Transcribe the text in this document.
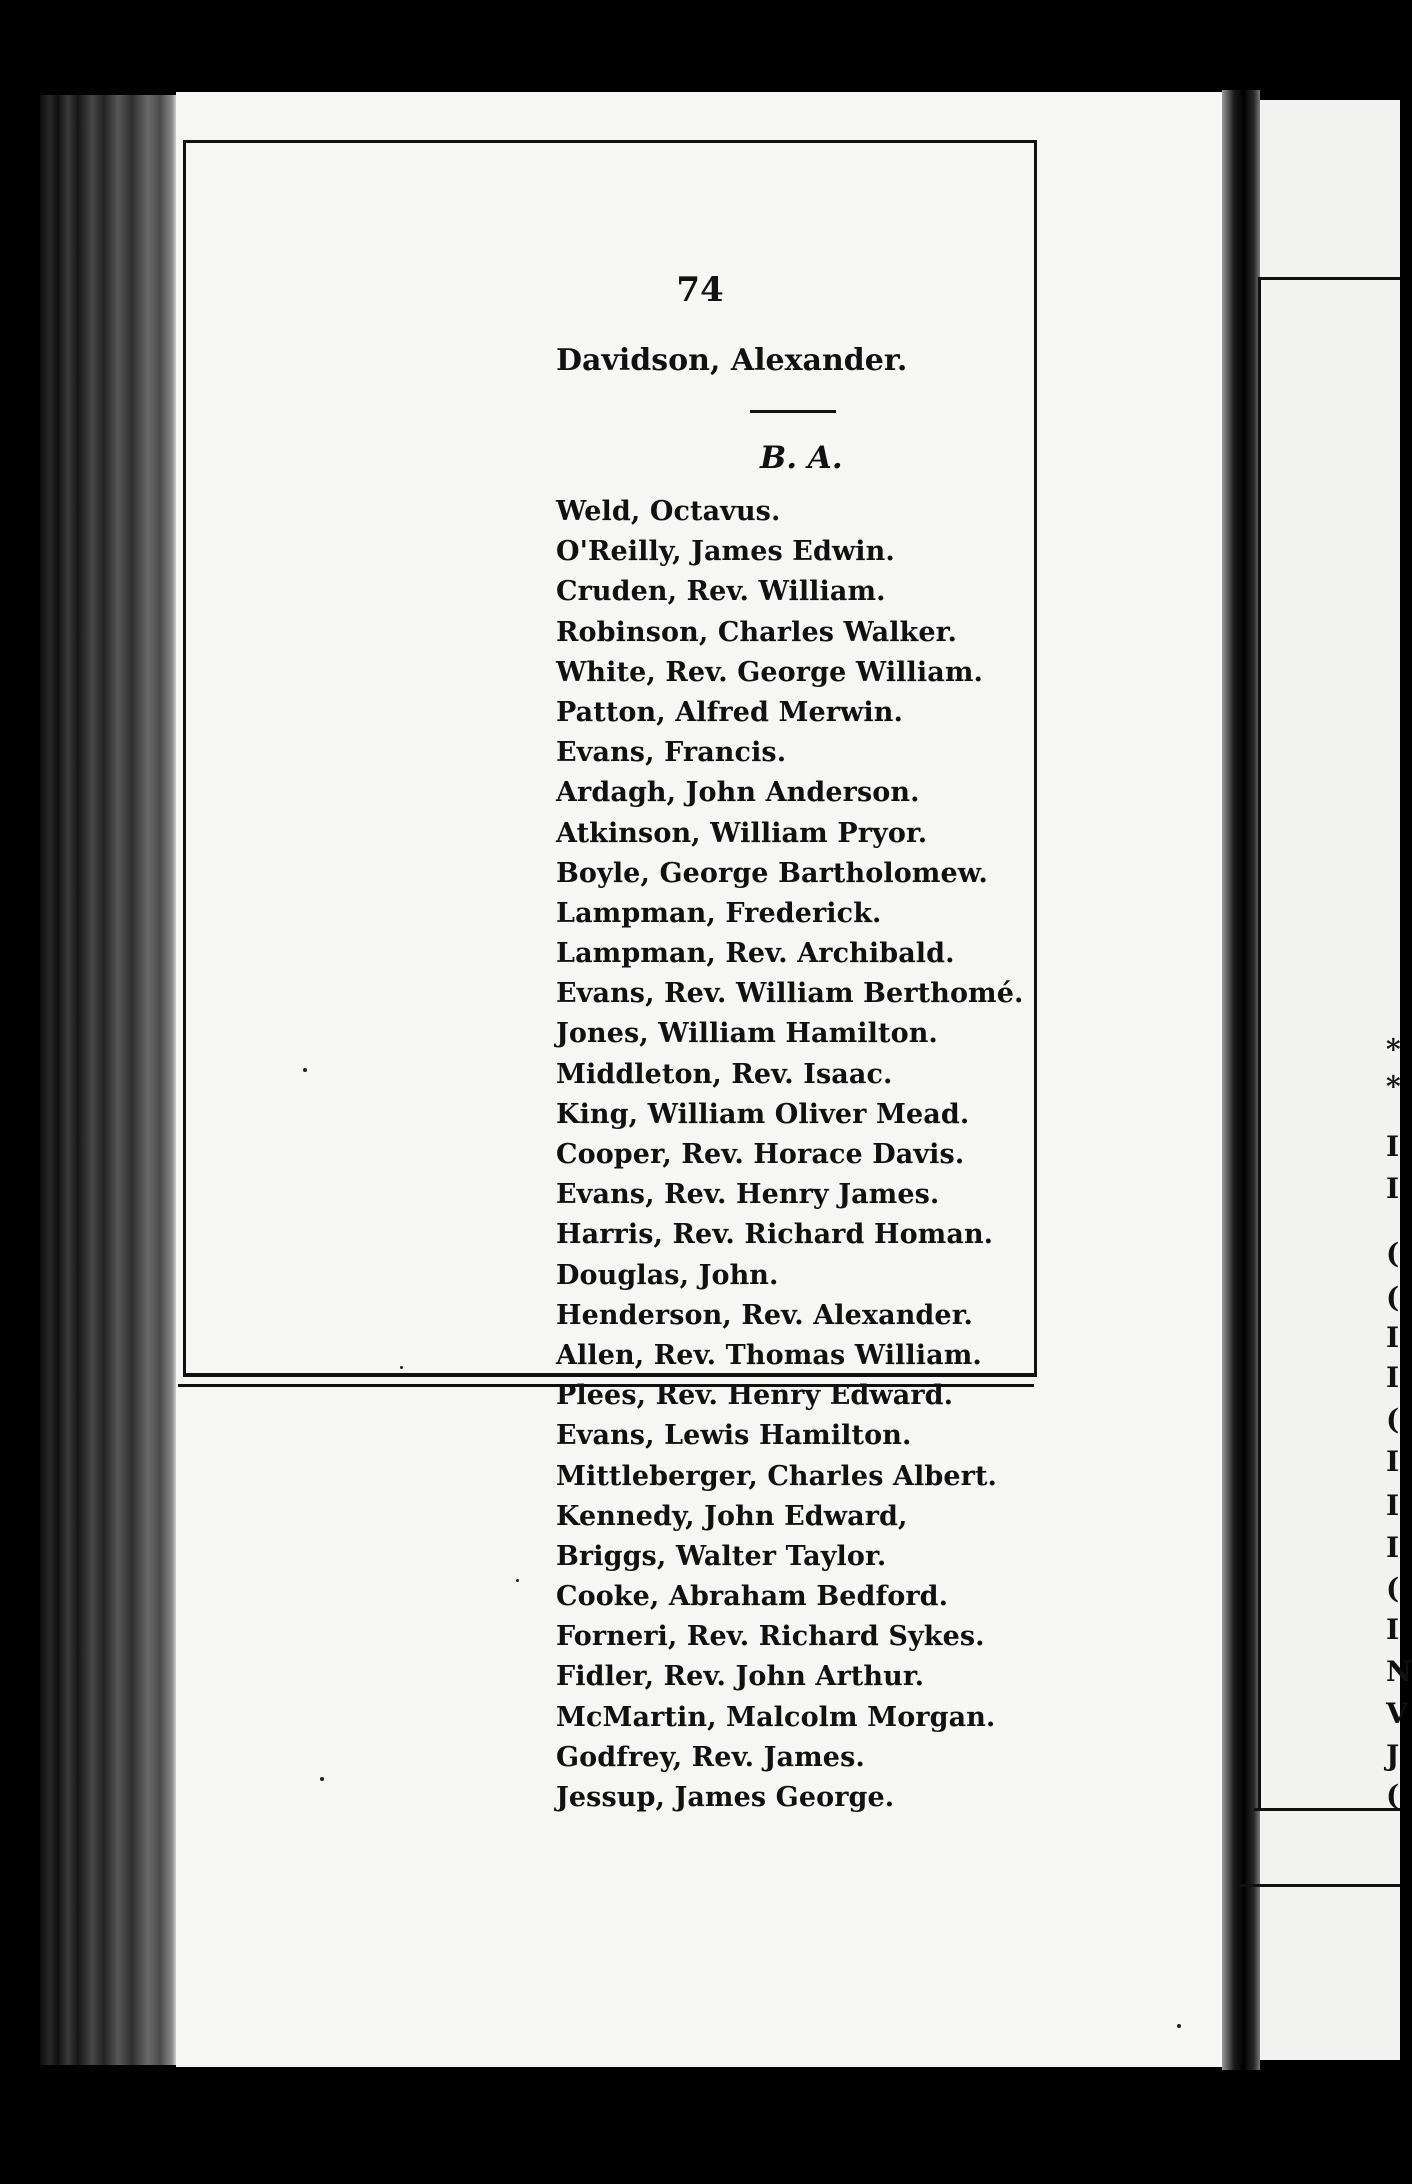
*
*
I
I
(
(
I
I
(
I
I
I
(
I
N
V
J
(
74
Davidson, Alexander.
B. A.
Weld, Octavus.
O'Reilly, James Edwin.
Cruden, Rev. William.
Robinson, Charles Walker.
White, Rev. George William.
Patton, Alfred Merwin.
Evans, Francis.
Ardagh, John Anderson.
Atkinson, William Pryor.
Boyle, George Bartholomew.
Lampman, Frederick.
Lampman, Rev. Archibald.
Evans, Rev. William Berthomé.
Jones, William Hamilton.
Middleton, Rev. Isaac.
King, William Oliver Mead.
Cooper, Rev. Horace Davis.
Evans, Rev. Henry James.
Harris, Rev. Richard Homan.
Douglas, John.
Henderson, Rev. Alexander.
Allen, Rev. Thomas William.
Plees, Rev. Henry Edward.
Evans, Lewis Hamilton.
Mittleberger, Charles Albert.
Kennedy, John Edward,
Briggs, Walter Taylor.
Cooke, Abraham Bedford.
Forneri, Rev. Richard Sykes.
Fidler, Rev. John Arthur.
McMartin, Malcolm Morgan.
Godfrey, Rev. James.
Jessup, James George.
